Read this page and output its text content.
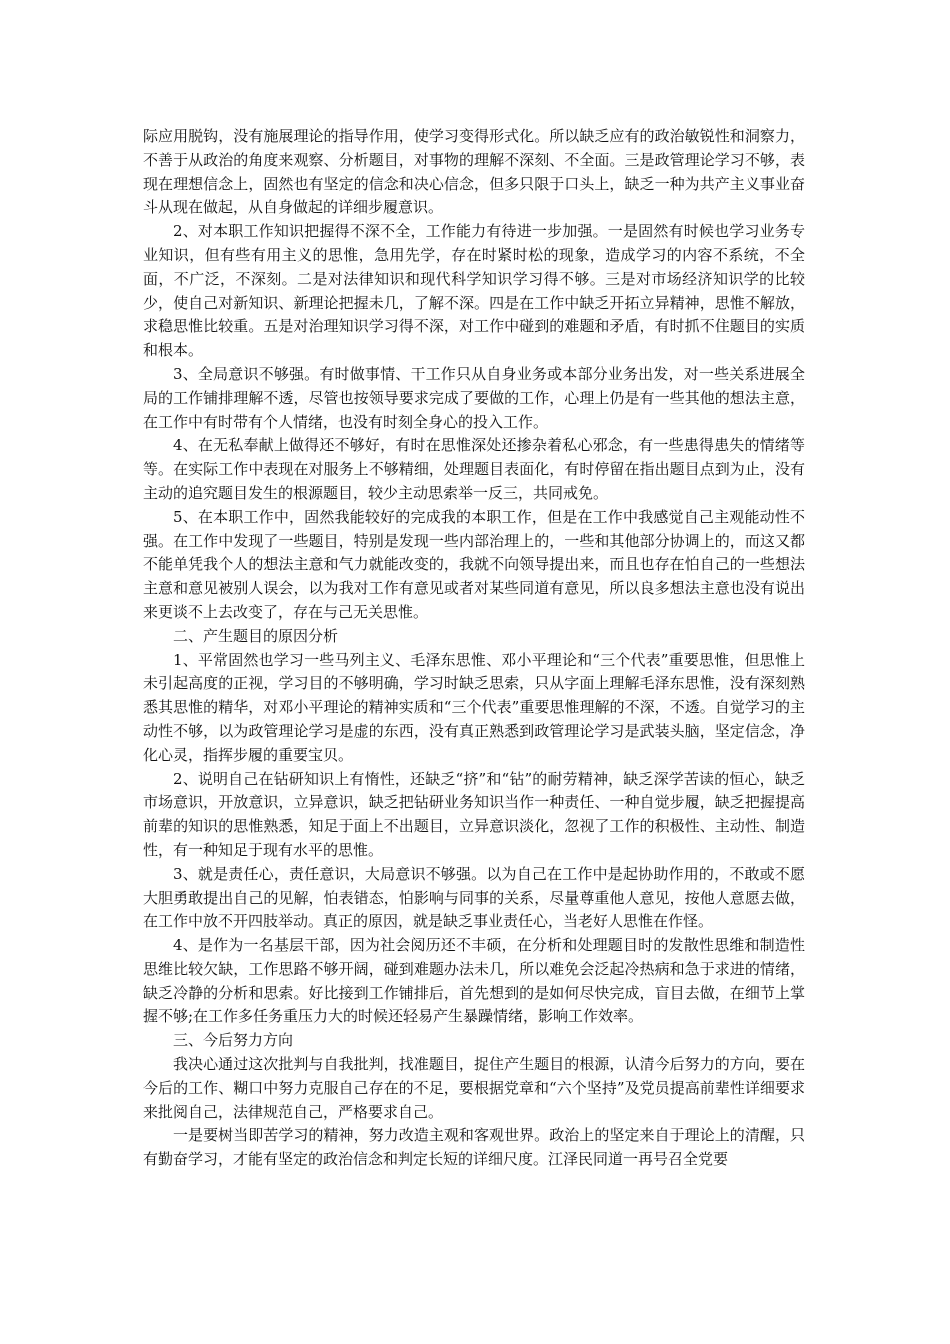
际应用脱钩，没有施展理论的指导作用，使学习变得形式化。所以缺乏应有的政治敏锐性和洞察力，不善于从政治的角度来观察、分析题目，对事物的理解不深刻、不全面。三是政管理论学习不够，表现在理想信念上，固然也有坚定的信念和决心信念，但多只限于口头上，缺乏一种为共产主义事业奋斗从现在做起，从自身做起的详细步履意识。

2、对本职工作知识把握得不深不全，工作能力有待进一步加强。一是固然有时候也学习业务专业知识，但有些有用主义的思惟，急用先学，存在时紧时松的现象，造成学习的内容不系统，不全面，不广泛，不深刻。二是对法律知识和现代科学知识学习得不够。三是对市场经济知识学的比较少，使自己对新知识、新理论把握未几，了解不深。四是在工作中缺乏开拓立异精神，思惟不解放，求稳思惟比较重。五是对治理知识学习得不深，对工作中碰到的难题和矛盾，有时抓不住题目的实质和根本。

3、全局意识不够强。有时做事情、干工作只从自身业务或本部分业务出发，对一些关系进展全局的工作铺排理解不透，尽管也按领导要求完成了要做的工作，心理上仍是有一些其他的想法主意，在工作中有时带有个人情绪，也没有时刻全身心的投入工作。

4、在无私奉献上做得还不够好，有时在思惟深处还掺杂着私心邪念，有一些患得患失的情绪等等。在实际工作中表现在对服务上不够精细，处理题目表面化，有时停留在指出题目点到为止，没有主动的追究题目发生的根源题目，较少主动思索举一反三，共同戒免。

5、在本职工作中，固然我能较好的完成我的本职工作，但是在工作中我感觉自己主观能动性不强。在工作中发现了一些题目，特别是发现一些内部治理上的，一些和其他部分协调上的，而这又都不能单凭我个人的想法主意和气力就能改变的，我就不向领导提出来，而且也存在怕自己的一些想法主意和意见被别人误会，以为我对工作有意见或者对某些同道有意见，所以良多想法主意也没有说出来更谈不上去改变了，存在与己无关思惟。

二、产生题目的原因分析

1、平常固然也学习一些马列主义、毛泽东思惟、邓小平理论和“三个代表”重要思惟，但思惟上未引起高度的正视，学习目的不够明确，学习时缺乏思索，只从字面上理解毛泽东思惟，没有深刻熟悉其思惟的精华，对邓小平理论的精神实质和“三个代表”重要思惟理解的不深，不透。自觉学习的主动性不够，以为政管理论学习是虚的东西，没有真正熟悉到政管理论学习是武装头脑，坚定信念，净化心灵，指挥步履的重要宝贝。

2、说明自己在钻研知识上有惰性，还缺乏“挤”和“钻”的耐劳精神，缺乏深学苦读的恒心，缺乏市场意识，开放意识，立异意识，缺乏把钻研业务知识当作一种责任、一种自觉步履，缺乏把握提高前辈的知识的思惟熟悉，知足于面上不出题目，立异意识淡化，忽视了工作的积极性、主动性、制造性，有一种知足于现有水平的思惟。

3、就是责任心，责任意识，大局意识不够强。以为自己在工作中是起协助作用的，不敢或不愿大胆勇敢提出自己的见解，怕表错态，怕影响与同事的关系，尽量尊重他人意见，按他人意愿去做，在工作中放不开四肢举动。真正的原因，就是缺乏事业责任心，当老好人思惟在作怪。

4、是作为一名基层干部，因为社会阅历还不丰硕，在分析和处理题目时的发散性思维和制造性思维比较欠缺，工作思路不够开阔，碰到难题办法未几，所以难免会泛起冷热病和急于求进的情绪，缺乏冷静的分析和思索。好比接到工作铺排后，首先想到的是如何尽快完成，盲目去做，在细节上掌握不够;在工作多任务重压力大的时候还轻易产生暴躁情绪，影响工作效率。

三、今后努力方向

我决心通过这次批判与自我批判，找准题目，捉住产生题目的根源，认清今后努力的方向，要在今后的工作、糊口中努力克服自己存在的不足，要根据党章和“六个坚持”及党员提高前辈性详细要求来批阅自己，法律规范自己，严格要求自己。

一是要树当即苦学习的精神，努力改造主观和客观世界。政治上的坚定来自于理论上的清醒，只有勤奋学习，才能有坚定的政治信念和判定长短的详细尺度。江泽民同道一再号召全党要
